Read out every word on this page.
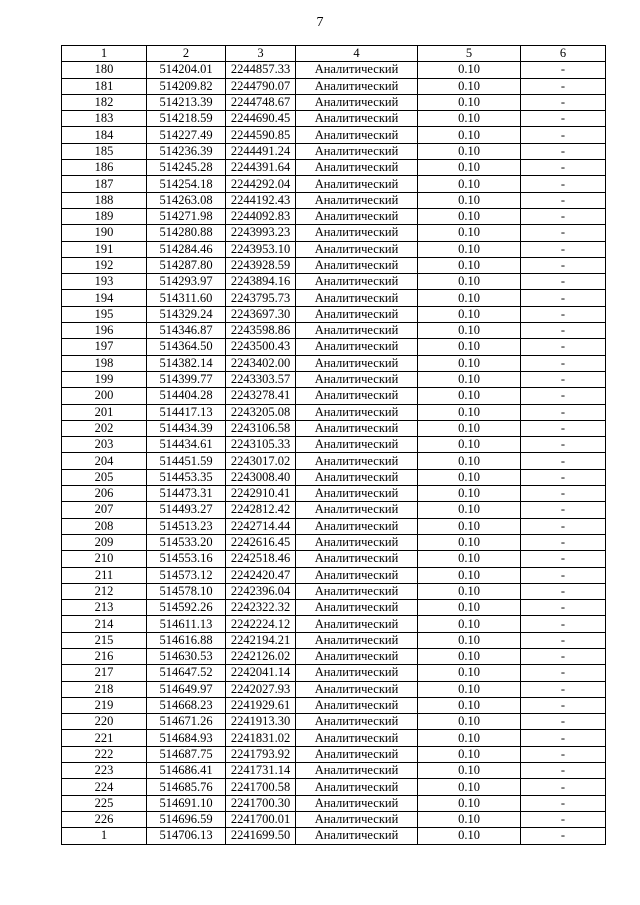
7
1	2	3	4	5	6
180	514204.01	2244857.33	Аналитический	0.10	-
181	514209.82	2244790.07	Аналитический	0.10	-
182	514213.39	2244748.67	Аналитический	0.10	-
183	514218.59	2244690.45	Аналитический	0.10	-
184	514227.49	2244590.85	Аналитический	0.10	-
185	514236.39	2244491.24	Аналитический	0.10	-
186	514245.28	2244391.64	Аналитический	0.10	-
187	514254.18	2244292.04	Аналитический	0.10	-
188	514263.08	2244192.43	Аналитический	0.10	-
189	514271.98	2244092.83	Аналитический	0.10	-
190	514280.88	2243993.23	Аналитический	0.10	-
191	514284.46	2243953.10	Аналитический	0.10	-
192	514287.80	2243928.59	Аналитический	0.10	-
193	514293.97	2243894.16	Аналитический	0.10	-
194	514311.60	2243795.73	Аналитический	0.10	-
195	514329.24	2243697.30	Аналитический	0.10	-
196	514346.87	2243598.86	Аналитический	0.10	-
197	514364.50	2243500.43	Аналитический	0.10	-
198	514382.14	2243402.00	Аналитический	0.10	-
199	514399.77	2243303.57	Аналитический	0.10	-
200	514404.28	2243278.41	Аналитический	0.10	-
201	514417.13	2243205.08	Аналитический	0.10	-
202	514434.39	2243106.58	Аналитический	0.10	-
203	514434.61	2243105.33	Аналитический	0.10	-
204	514451.59	2243017.02	Аналитический	0.10	-
205	514453.35	2243008.40	Аналитический	0.10	-
206	514473.31	2242910.41	Аналитический	0.10	-
207	514493.27	2242812.42	Аналитический	0.10	-
208	514513.23	2242714.44	Аналитический	0.10	-
209	514533.20	2242616.45	Аналитический	0.10	-
210	514553.16	2242518.46	Аналитический	0.10	-
211	514573.12	2242420.47	Аналитический	0.10	-
212	514578.10	2242396.04	Аналитический	0.10	-
213	514592.26	2242322.32	Аналитический	0.10	-
214	514611.13	2242224.12	Аналитический	0.10	-
215	514616.88	2242194.21	Аналитический	0.10	-
216	514630.53	2242126.02	Аналитический	0.10	-
217	514647.52	2242041.14	Аналитический	0.10	-
218	514649.97	2242027.93	Аналитический	0.10	-
219	514668.23	2241929.61	Аналитический	0.10	-
220	514671.26	2241913.30	Аналитический	0.10	-
221	514684.93	2241831.02	Аналитический	0.10	-
222	514687.75	2241793.92	Аналитический	0.10	-
223	514686.41	2241731.14	Аналитический	0.10	-
224	514685.76	2241700.58	Аналитический	0.10	-
225	514691.10	2241700.30	Аналитический	0.10	-
226	514696.59	2241700.01	Аналитический	0.10	-
1	514706.13	2241699.50	Аналитический	0.10	-
